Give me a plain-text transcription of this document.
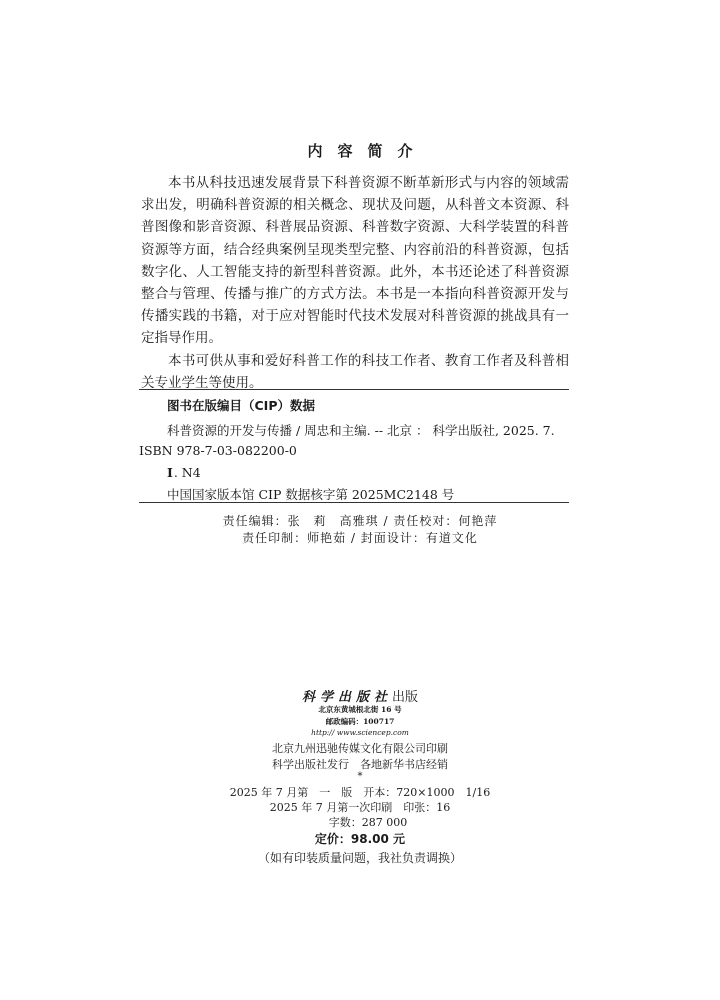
内容简介

本书从科技迅速发展背景下科普资源不断革新形式与内容的领域需求出发，明确科普资源的相关概念、现状及问题，从科普文本资源、科普图像和影音资源、科普展品资源、科普数字资源、大科学装置的科普资源等方面，结合经典案例呈现类型完整、内容前沿的科普资源，包括数字化、人工智能支持的新型科普资源。此外，本书还论述了科普资源整合与管理、传播与推广的方式方法。本书是一本指向科普资源开发与传播实践的书籍，对于应对智能时代技术发展对科普资源的挑战具有一定指导作用。

本书可供从事和爱好科普工作的科技工作者、教育工作者及科普相关专业学生等使用。

图书在版编目（CIP）数据
科普资源的开发与传播 / 周忠和主编. -- 北京 ： 科学出版社, 2025. 7.
ISBN 978-7-03-082200-0
Ⅰ. N4
中国国家版本馆 CIP 数据核字第 2025MC2148 号
责任编辑：张　莉　高雅琪 / 责任校对：何艳萍
责任印制：师艳茹 / 封面设计：有道文化
科学出版社出版
北京东黄城根北街 16 号
邮政编码：100717
http:// www.sciencep.com
北京九州迅驰传媒文化有限公司印刷
科学出版社发行　各地新华书店经销
*
2025 年 7 月第　一　版　开本：720×1000　1/16
2025 年 7 月第一次印刷　印张：16
字数：287 000
定价：98.00 元
（如有印装质量问题，我社负责调换）
